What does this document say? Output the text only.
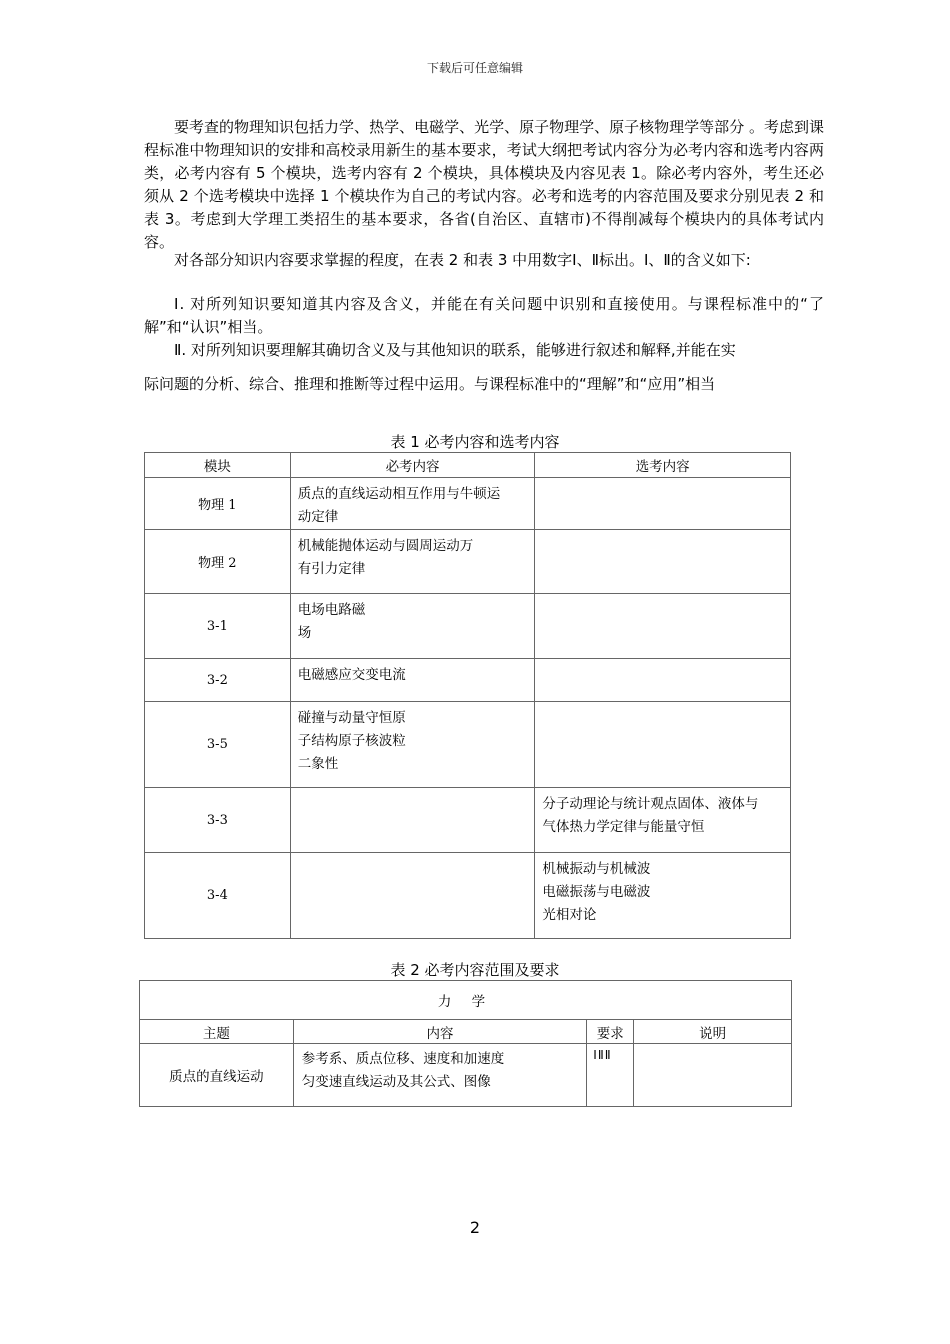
下载后可任意编辑

要考查的物理知识包括力学、热学、电磁学、光学、原子物理学、原子核物理学等部分 。考虑到课程标准中物理知识的安排和高校录用新生的基本要求，考试大纲把考试内容分为必考内容和选考内容两类，必考内容有 5 个模块，选考内容有 2 个模块，具体模块及内容见表 1。除必考内容外，考生还必须从 2 个选考模块中选择 1 个模块作为自己的考试内容。必考和选考的内容范围及要求分别见表 2 和表 3。考虑到大学理工类招生的基本要求，各省(自治区、直辖市)不得削减每个模块内的具体考试内容。

对各部分知识内容要求掌握的程度，在表 2 和表 3 中用数字Ⅰ、Ⅱ标出。Ⅰ、Ⅱ的含义如下:

Ⅰ. 对所列知识要知道其内容及含义，并能在有关问题中识别和直接使用。与课程标准中的“了解”和“认识”相当。

Ⅱ. 对所列知识要理解其确切含义及与其他知识的联系，能够进行叙述和解释,并能在实

际问题的分析、综合、推理和推断等过程中运用。与课程标准中的“理解”和“应用”相当

表 1 必考内容和选考内容
模块	必考内容	选考内容
物理 1	质点的直线运动相互作用与牛顿运
动定律	

物理 2	机械能抛体运动与圆周运动万
有引力定律	

3-1	电场电路磁
场	

3-2	电磁感应交变电流	

3-5	碰撞与动量守恒原
子结构原子核波粒
二象性	

3-3		分子动理论与统计观点固体、液体与
气体热力学定律与能量守恒

3-4		机械振动与机械波
电磁振荡与电磁波
光相对论
表 2 必考内容范围及要求
力 学			
主题	内容	要求	说明
质点的直线运动	参考系、质点位移、速度和加速度
匀变速直线运动及其公式、图像	ⅠⅡⅡ	
2
